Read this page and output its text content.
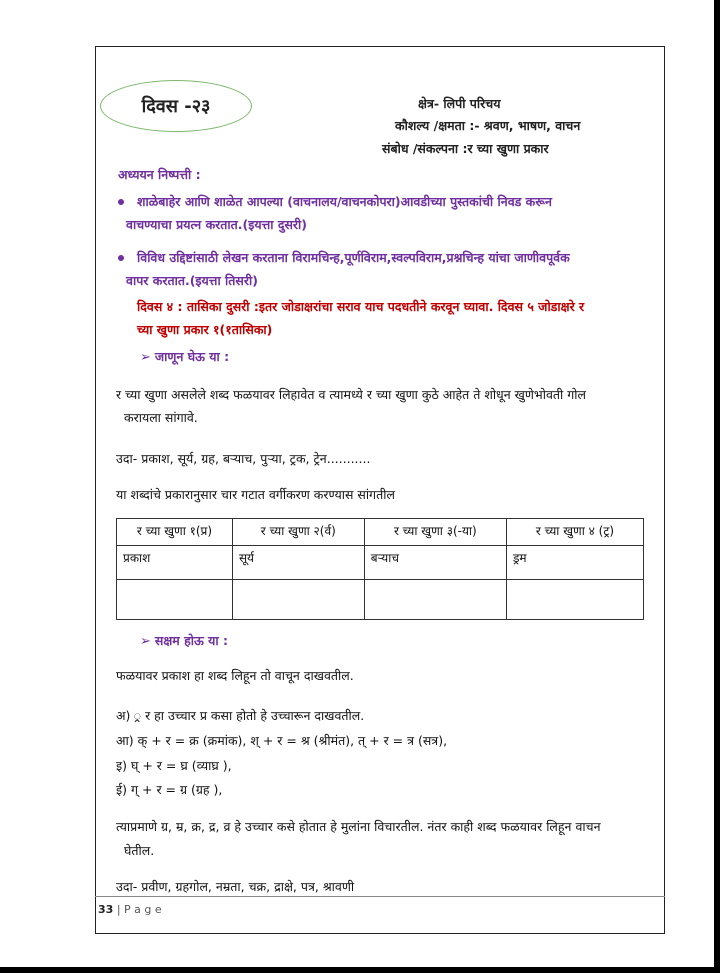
दिवस -२३	क्षेत्र- लिपी परिचय
कौशल्य /क्षमता :- श्रवण, भाषण, वाचन
संबोध /संकल्पना :र च्या खुणा प्रकार
अध्ययन निष्पत्ती :
शाळेबाहेर आणि शाळेत आपल्या (वाचनालय/वाचनकोपरा)आवडीच्या पुस्तकांची निवड करून
वाचण्याचा प्रयत्न करतात.(इयत्ता दुसरी)
विविध उद्दिष्टांसाठी लेखन करताना विरामचिन्ह,पूर्णविराम,स्वल्पविराम,प्रश्नचिन्ह यांचा जाणीवपूर्वक
वापर करतात.(इयत्ता तिसरी)
दिवस ४ : तासिका दुसरी :इतर जोडाक्षरांचा सराव याच पदधतीने करवून घ्यावा. दिवस ५ जोडाक्षरे र
च्या खुणा प्रकार १(१तासिका)
➢ जाणून घेऊ या :
र च्या खुणा असलेले शब्द फळयावर लिहावेत व त्यामध्ये र च्या खुणा कुठे आहेत ते शोधून खुणेभोवती गोल
करायला सांगावे.
उदा- प्रकाश, सूर्य, ग्रह, बऱ्याच, पुऱ्या, ट्रक, ट्रेन...........
या शब्दांचे प्रकारानुसार चार गटात वर्गीकरण करण्यास सांगतील
र च्या खुणा १(प्र)	र च्या खुणा २(र्व)	र च्या खुणा ३(-या)	र च्या खुणा ४ (ट्र)
प्रकाश	सूर्य	बऱ्याच	ड्रम

➢ सक्षम होऊ या :
फळयावर प्रकाश हा शब्द लिहून तो वाचून दाखवतील.
अ) ्र र हा उच्चार प्र कसा होतो हे उच्चारून दाखवतील.
आ) क् + र = क्र (क्रमांक), श् + र = श्र (श्रीमंत), त् + र = त्र (सत्र),
इ) घ् + र = घ्र (व्याघ्र ),
ई) ग् + र = ग्र (ग्रह ),
त्याप्रमाणे ग्र, म्र, क्र, द्र, व्र हे उच्चार कसे होतात हे मुलांना विचारतील. नंतर काही शब्द फळयावर लिहून वाचन
घेतील.
उदा- प्रवीण, ग्रहगोल, नम्रता, चक्र, द्राक्षे, पत्र, श्रावणी
33 | P a g e
